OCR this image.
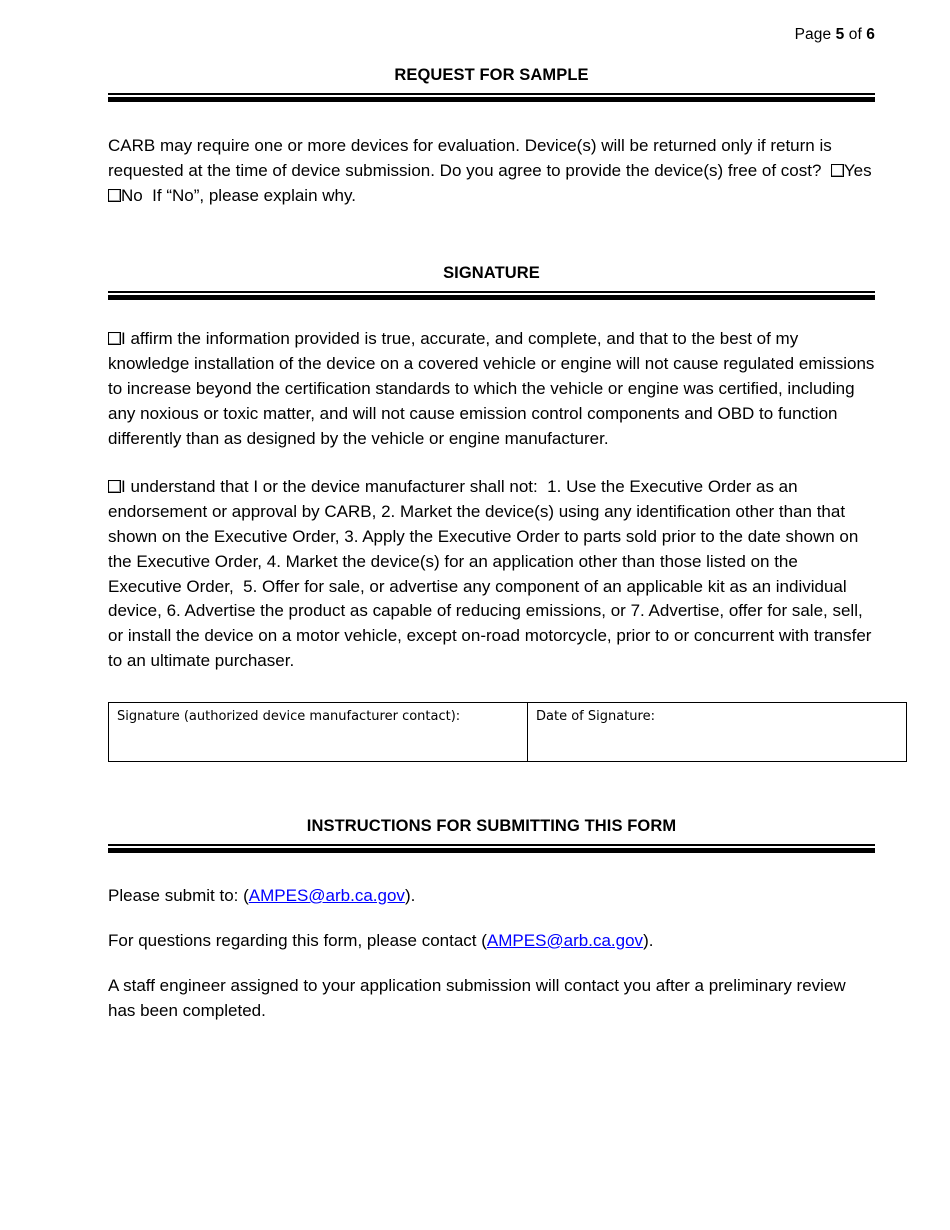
Page 5 of 6
REQUEST FOR SAMPLE
CARB may require one or more devices for evaluation. Device(s) will be returned only if return is requested at the time of device submission. Do you agree to provide the device(s) free of cost?  YesNo  If “No”, please explain why.
SIGNATURE
I affirm the information provided is true, accurate, and complete, and that to the best of my knowledge installation of the device on a covered vehicle or engine will not cause regulated emissions to increase beyond the certification standards to which the vehicle or engine was certified, including any noxious or toxic matter, and will not cause emission control components and OBD to function differently than as designed by the vehicle or engine manufacturer.
I understand that I or the device manufacturer shall not:  1. Use the Executive Order as an endorsement or approval by CARB, 2. Market the device(s) using any identification other than that shown on the Executive Order, 3. Apply the Executive Order to parts sold prior to the date shown on the Executive Order, 4. Market the device(s) for an application other than those listed on the Executive Order,  5. Offer for sale, or advertise any component of an applicable kit as an individual device, 6. Advertise the product as capable of reducing emissions, or 7. Advertise, offer for sale, sell, or install the device on a motor vehicle, except on-road motorcycle, prior to or concurrent with transfer to an ultimate purchaser.
Signature (authorized device manufacturer contact):	Date of Signature:
INSTRUCTIONS FOR SUBMITTING THIS FORM
Please submit to: (AMPES@arb.ca.gov).
For questions regarding this form, please contact (AMPES@arb.ca.gov).
A staff engineer assigned to your application submission will contact you after a preliminary review has been completed.
